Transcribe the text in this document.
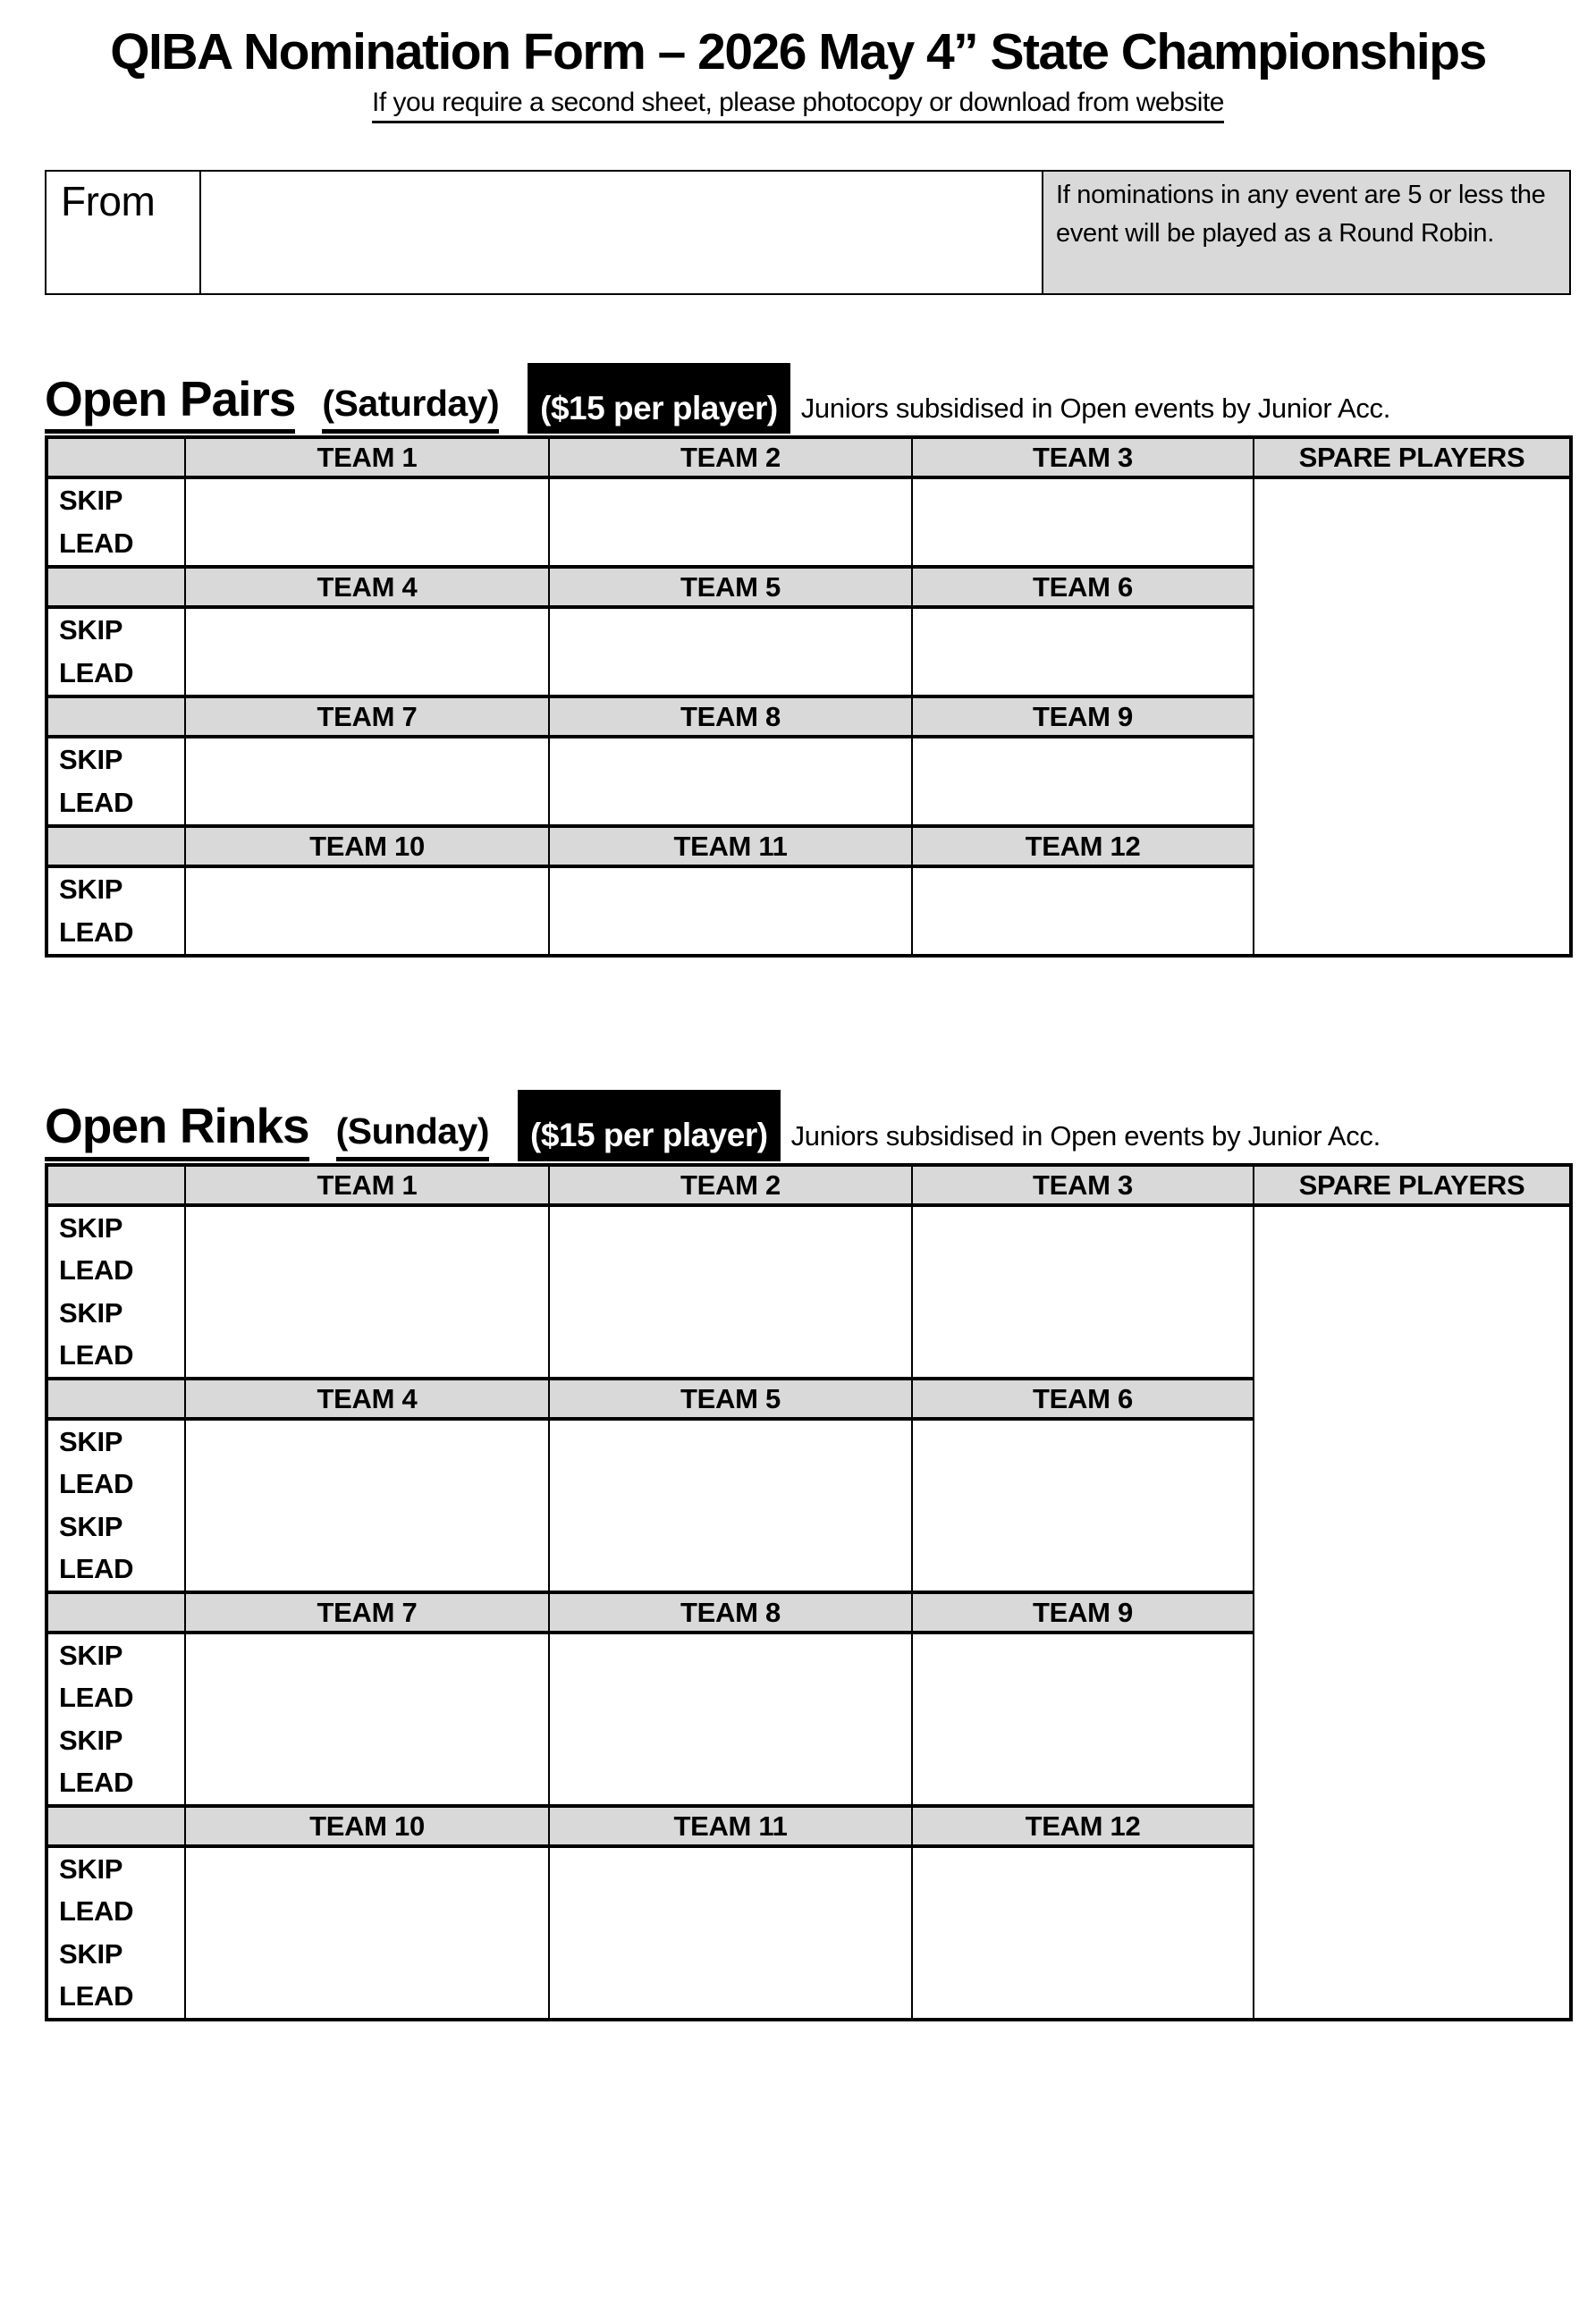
QIBA Nomination Form – 2026 May 4” State Championships
If you require a second sheet, please photocopy or download from website
From		If nominations in any event are 5 or less the event will be played as a Round Robin.
Open Pairs (Saturday)	($15 per player) Juniors subsidised in Open events by Junior Acc.
	TEAM 1	TEAM 2	TEAM 3	SPARE PLAYERS

SKIP
LEAD				

	TEAM 4	TEAM 5	TEAM 6	

SKIP
LEAD				

	TEAM 7	TEAM 8	TEAM 9	

SKIP
LEAD				

	TEAM 10	TEAM 11	TEAM 12	

SKIP
LEAD				

Open Rinks (Sunday)	($15 per player) Juniors subsidised in Open events by Junior Acc.
	TEAM 1	TEAM 2	TEAM 3	SPARE PLAYERS

SKIP
LEAD
SKIP
LEAD				

	TEAM 4	TEAM 5	TEAM 6	

SKIP
LEAD
SKIP
LEAD				

	TEAM 7	TEAM 8	TEAM 9	

SKIP
LEAD
SKIP
LEAD				

	TEAM 10	TEAM 11	TEAM 12	

SKIP
LEAD
SKIP
LEAD				
